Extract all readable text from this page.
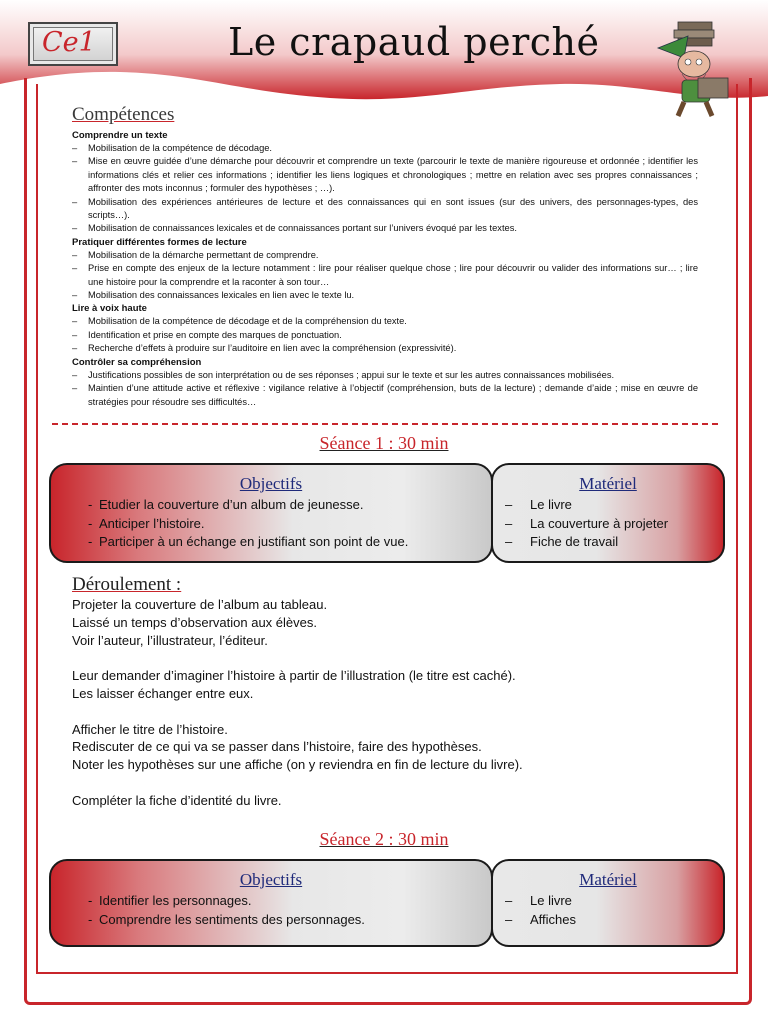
Ce1	Le crapaud perché
Compétences
Comprendre un texte
– Mobilisation de la compétence de décodage.
– Mise en œuvre guidée d’une démarche pour découvrir et comprendre un texte (parcourir le texte de manière rigoureuse et ordonnée ; identifier les informations clés et relier ces informations ; identifier les liens logiques et chronologiques ; mettre en relation avec ses propres connaissances ; affronter des mots inconnus ; formuler des hypothèses ; …).
– Mobilisation des expériences antérieures de lecture et des connaissances qui en sont issues (sur des univers, des personnages-types, des scripts…).
– Mobilisation de connaissances lexicales et de connaissances portant sur l’univers évoqué par les textes.
Pratiquer différentes formes de lecture
– Mobilisation de la démarche permettant de comprendre.
– Prise en compte des enjeux de la lecture notamment : lire pour réaliser quelque chose ; lire pour découvrir ou valider des informations sur… ; lire une histoire pour la comprendre et la raconter à son tour…
– Mobilisation des connaissances lexicales en lien avec le texte lu.
Lire à voix haute
– Mobilisation de la compétence de décodage et de la compréhension du texte.
– Identification et prise en compte des marques de ponctuation.
– Recherche d’effets à produire sur l’auditoire en lien avec la compréhension (expressivité).
Contrôler sa compréhension
– Justifications possibles de son interprétation ou de ses réponses ; appui sur le texte et sur les autres connaissances mobilisées.
– Maintien d’une attitude active et réflexive : vigilance relative à l’objectif (compréhension, buts de la lecture) ; demande d’aide ; mise en œuvre de stratégies pour résoudre ses difficultés…
Séance 1 : 30 min
Objectifs
- Etudier la couverture d’un album de jeunesse.
- Anticiper l’histoire.
- Participer à un échange en justifiant son point de vue.
Matériel
– Le livre
– La couverture à projeter
– Fiche de travail
Déroulement :

Projeter la couverture de l’album au tableau.
Laissé un temps d’observation aux élèves.
Voir l’auteur, l’illustrateur, l’éditeur.

Leur demander d’imaginer l’histoire à partir de l’illustration (le titre est caché).
Les laisser échanger entre eux.

Afficher le titre de l’histoire.
Rediscuter de ce qui va se passer dans l’histoire, faire des hypothèses.
Noter les hypothèses sur une affiche (on y reviendra en fin de lecture du livre).

Compléter la fiche d’identité du livre.

Séance 2 : 30 min
Objectifs
- Identifier les personnages.
- Comprendre les sentiments des personnages.
Matériel
– Le livre
– Affiches
